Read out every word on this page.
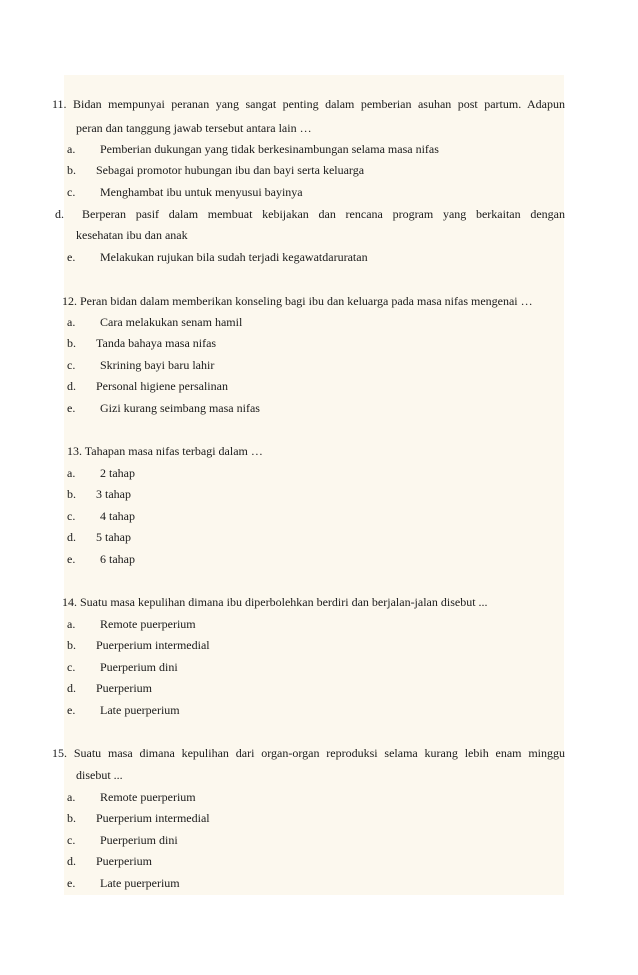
11. Bidan mempunyai peranan yang sangat penting dalam pemberian asuhan post partum. Adapun
peran dan tanggung jawab tersebut antara lain …
a. Pemberian dukungan yang tidak berkesinambungan selama masa nifas
b. Sebagai promotor hubungan ibu dan bayi serta keluarga
c. Menghambat ibu untuk menyusui bayinya
d. Berperan pasif dalam membuat kebijakan dan rencana program yang berkaitan dengan
kesehatan ibu dan anak
e. Melakukan rujukan bila sudah terjadi kegawatdaruratan
12. Peran bidan dalam memberikan konseling bagi ibu dan keluarga pada masa nifas mengenai …
a. Cara melakukan senam hamil
b. Tanda bahaya masa nifas
c. Skrining bayi baru lahir
d. Personal higiene persalinan
e. Gizi kurang seimbang masa nifas
13. Tahapan masa nifas terbagi dalam …
a. 2 tahap
b. 3 tahap
c. 4 tahap
d. 5 tahap
e. 6 tahap
14. Suatu masa kepulihan dimana ibu diperbolehkan berdiri dan berjalan-jalan disebut ...
a. Remote puerperium
b. Puerperium intermedial
c. Puerperium dini
d. Puerperium
e. Late puerperium
15. Suatu masa dimana kepulihan dari organ-organ reproduksi selama kurang lebih enam minggu
disebut ...
a. Remote puerperium
b. Puerperium intermedial
c. Puerperium dini
d. Puerperium
e. Late puerperium
